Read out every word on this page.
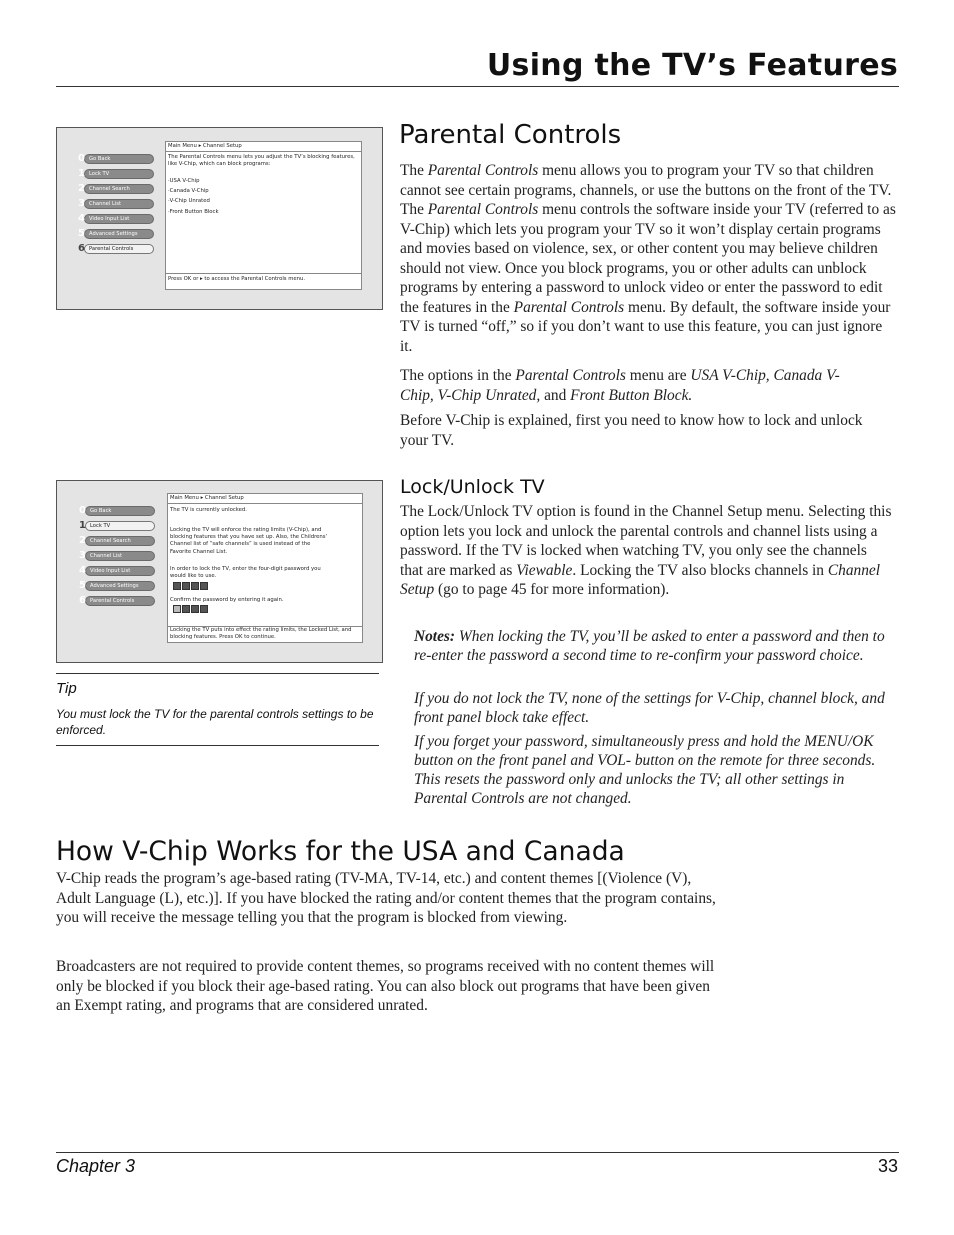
Using the TV’s Features
0 Go Back
1 Lock TV
2 Channel Search
3 Channel List
4 Video Input List
5 Advanced Settings
6 Parental Controls
Main Menu ▸ Channel Setup
The Parental Controls menu lets you adjust the TV’s blocking features, like V-Chip, which can block programs:
·USA V-Chip
·Canada V-Chip
·V-Chip Unrated
·Front Button Block
Press OK or ▸ to access the Parental Controls menu.
Parental Controls
The Parental Controls menu allows you to program your TV so that children cannot see certain programs, channels, or use the buttons on the front of the TV. The Parental Controls menu controls the software inside your TV (referred to as V-Chip) which lets you program your TV so it won’t display certain programs and movies based on violence, sex, or other content you may believe children should not view. Once you block programs, you or other adults can unblock programs by entering a password to unlock video or enter the password to edit the features in the Parental Controls menu. By default, the software inside your TV is turned “off,” so if you don’t want to use this feature, you can just ignore it.
The options in the Parental Controls menu are USA V-Chip, Canada V-Chip, V-Chip Unrated, and Front Button Block.
Before V-Chip is explained, first you need to know how to lock and unlock your TV.
0 Go Back
1 Lock TV
2 Channel Search
3 Channel List
4 Video Input List
5 Advanced Settings
6 Parental Controls
Main Menu ▸ Channel Setup
The TV is currently unlocked.
Locking the TV will enforce the rating limits (V-Chip), and blocking features that you have set up. Also, the Childrens’ Channel list of “safe channels” is used instead of the Favorite Channel List.
In order to lock the TV, enter the four-digit password you would like to use.
Confirm the password by entering it again.
Locking the TV puts into effect the rating limits, the Locked List, and blocking features. Press OK to continue.
Lock/Unlock TV
The Lock/Unlock TV option is found in the Channel Setup menu. Selecting this option lets you lock and unlock the parental controls and channel lists using a password. If the TV is locked when watching TV, you only see the channels that are marked as Viewable. Locking the TV also blocks channels in Channel Setup (go to page 45 for more information).
Notes: When locking the TV, you’ll be asked to enter a password and then to re-enter the password a second time to re-confirm your password choice.
If you do not lock the TV, none of the settings for V-Chip, channel block, and front panel block take effect.
If you forget your password, simultaneously press and hold the MENU/OK button on the front panel and VOL- button on the remote for three seconds. This resets the password only and unlocks the TV; all other settings in Parental Controls are not changed.
Tip
You must lock the TV for the parental controls settings to be enforced.
How V-Chip Works for the USA and Canada
V-Chip reads the program’s age-based rating (TV-MA, TV-14, etc.) and content themes [(Violence (V), Adult Language (L), etc.)]. If you have blocked the rating and/or content themes that the program contains, you will receive the message telling you that the program is blocked from viewing.
Broadcasters are not required to provide content themes, so programs received with no content themes will only be blocked if you block their age-based rating. You can also block out programs that have been given an Exempt rating, and programs that are considered unrated.
Chapter 3	33
